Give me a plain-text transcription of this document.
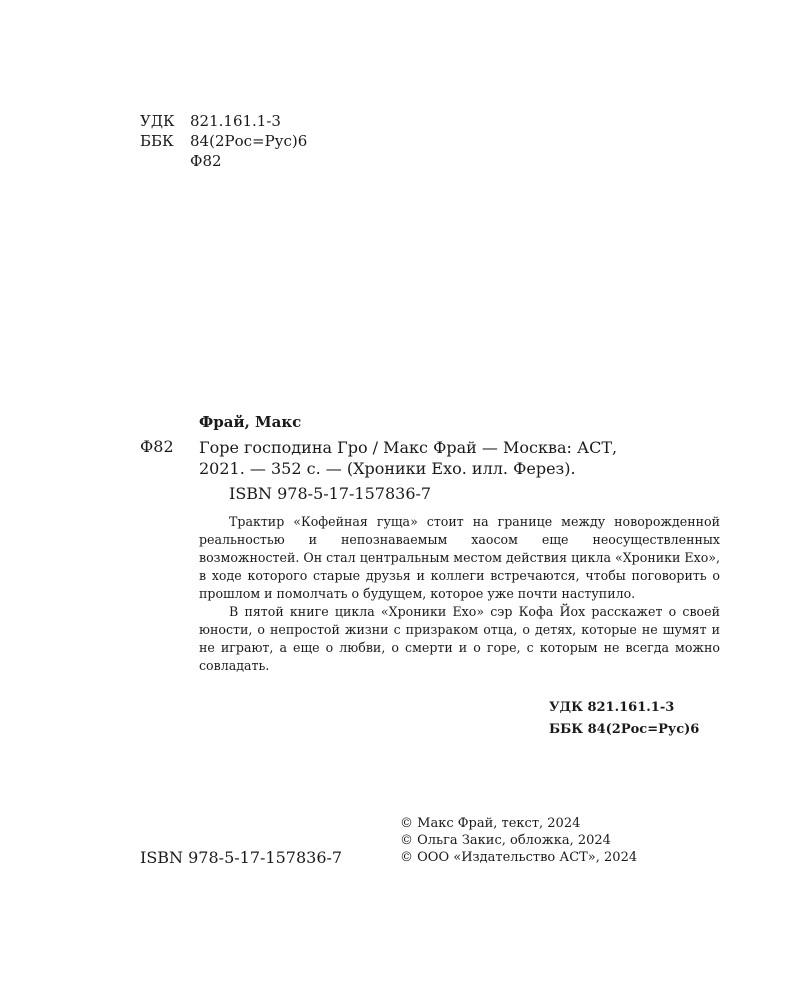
УДК	821.161.1-3
ББК	84(2Рос=Рус)6
Ф82
Фрай, Макс
Ф82 Горе господина Гро / Макс Фрай — Москва: АСТ,
2021. — 352 с. — (Хроники Ехо. илл. Ферез).
ISBN 978-5-17-157836-7

Трактир «Кофейная гуща» стоит на границе между новорожденной реальностью и непознаваемым хаосом еще неосуществленных возможностей. Он стал центральным местом действия цикла «Хроники Ехо», в ходе которого старые друзья и коллеги встречаются, чтобы поговорить о прошлом и помолчать о будущем, которое уже почти наступило.

В пятой книге цикла «Хроники Ехо» сэр Кофа Йох расскажет о своей юности, о непростой жизни с призраком отца, о детях, которые не шумят и не играют, а еще о любви, о смерти и о горе, с которым не всегда можно совладать.

УДК 821.161.1-3
ББК 84(2Рос=Рус)6
© Макс Фрай, текст, 2024
© Ольга Закис, обложка, 2024
© ООО «Издательство АСТ», 2024
ISBN 978-5-17-157836-7
